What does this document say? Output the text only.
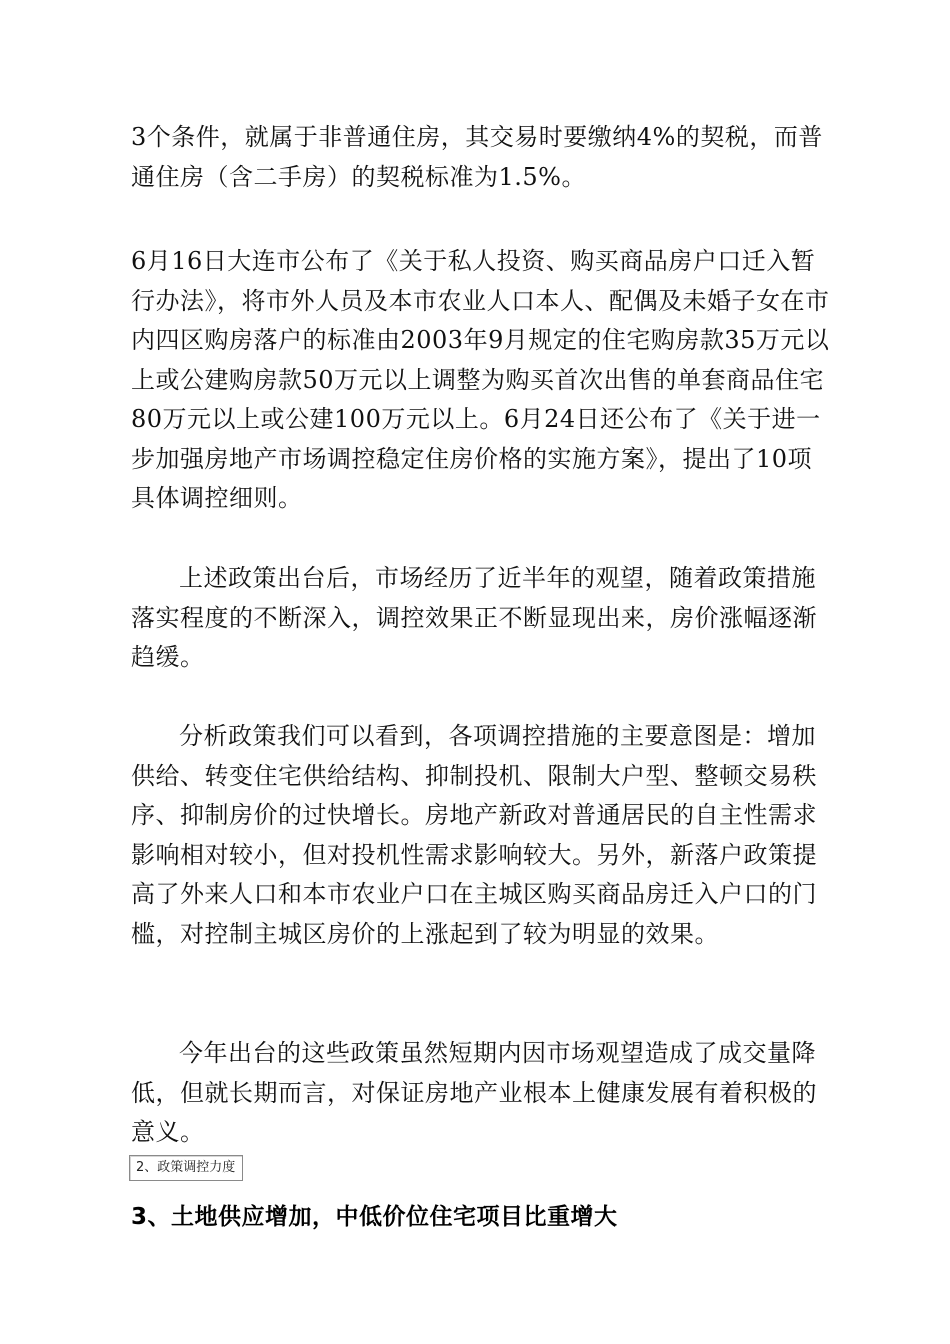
3个条件，就属于非普通住房，其交易时要缴纳4%的契税，而普通住房（含二手房）的契税标准为1.5%。

6月16日大连市公布了《关于私人投资、购买商品房户口迁入暂行办法》，将市外人员及本市农业人口本人、配偶及未婚子女在市内四区购房落户的标准由2003年9月规定的住宅购房款35万元以上或公建购房款50万元以上调整为购买首次出售的单套商品住宅80万元以上或公建100万元以上。6月24日还公布了《关于进一步加强房地产市场调控稳定住房价格的实施方案》，提出了10项具体调控细则。

上述政策出台后，市场经历了近半年的观望，随着政策措施落实程度的不断深入，调控效果正不断显现出来，房价涨幅逐渐趋缓。

分析政策我们可以看到，各项调控措施的主要意图是：增加供给、转变住宅供给结构、抑制投机、限制大户型、整顿交易秩序、抑制房价的过快增长。房地产新政对普通居民的自主性需求影响相对较小，但对投机性需求影响较大。另外，新落户政策提高了外来人口和本市农业户口在主城区购买商品房迁入户口的门槛，对控制主城区房价的上涨起到了较为明显的效果。

今年出台的这些政策虽然短期内因市场观望造成了成交量降低，但就长期而言，对保证房地产业根本上健康发展有着积极的意义。

2、政策调控力度
3、土地供应增加，中低价位住宅项目比重增大
